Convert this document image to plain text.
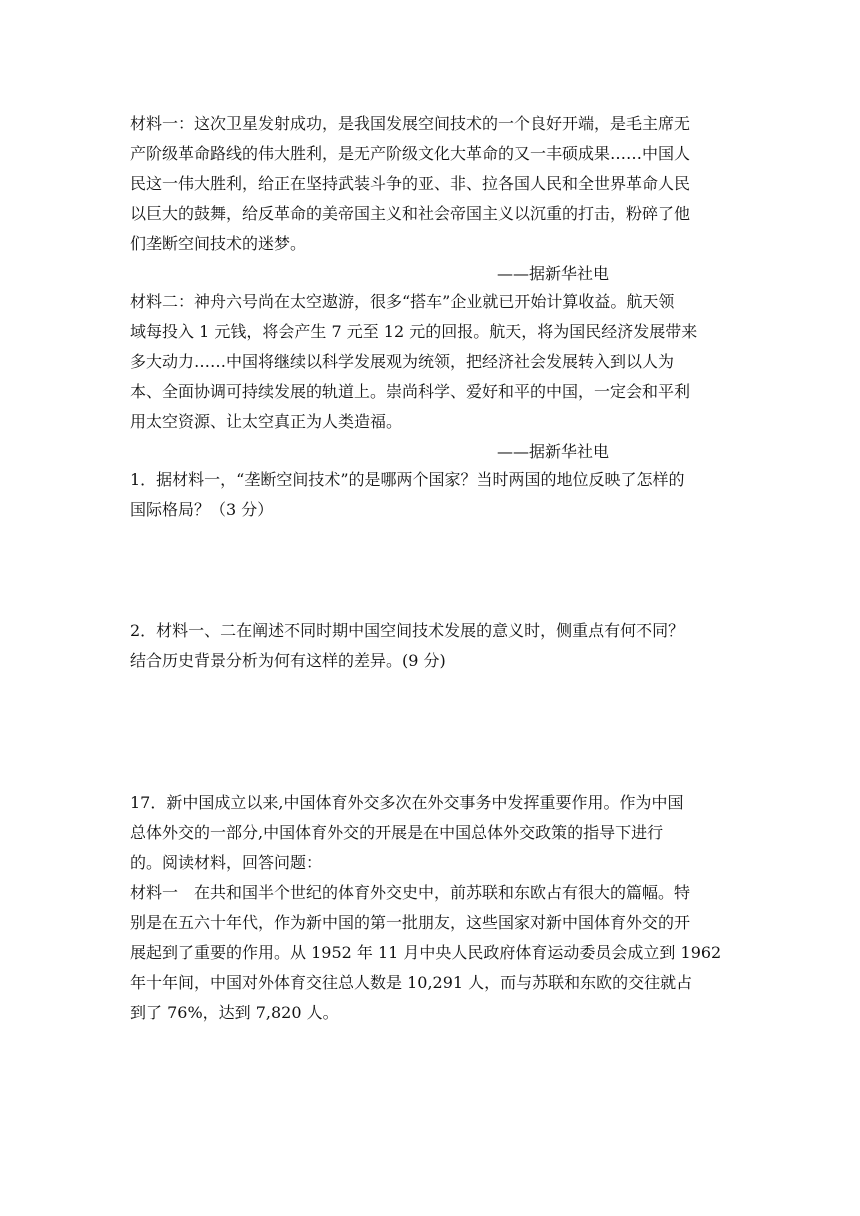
材料一：这次卫星发射成功，是我国发展空间技术的一个良好开端，是毛主席无
产阶级革命路线的伟大胜利，是无产阶级文化大革命的又一丰硕成果……中国人
民这一伟大胜利，给正在坚持武装斗争的亚、非、拉各国人民和全世界革命人民
以巨大的鼓舞，给反革命的美帝国主义和社会帝国主义以沉重的打击，粉碎了他
们垄断空间技术的迷梦。
——据新华社电
材料二：神舟六号尚在太空遨游，很多“搭车”企业就已开始计算收益。航天领
域每投入 1 元钱，将会产生 7 元至 12 元的回报。航天，将为国民经济发展带来
多大动力……中国将继续以科学发展观为统领，把经济社会发展转入到以人为
本、全面协调可持续发展的轨道上。崇尚科学、爱好和平的中国，一定会和平利
用太空资源、让太空真正为人类造福。
——据新华社电
1．据材料一，“垄断空间技术”的是哪两个国家？当时两国的地位反映了怎样的
国际格局？（3 分）
2．材料一、二在阐述不同时期中国空间技术发展的意义时，侧重点有何不同？
结合历史背景分析为何有这样的差异。(9 分)
17．新中国成立以来,中国体育外交多次在外交事务中发挥重要作用。作为中国
总体外交的一部分,中国体育外交的开展是在中国总体外交政策的指导下进行
的。阅读材料，回答问题：
材料一　在共和国半个世纪的体育外交史中，前苏联和东欧占有很大的篇幅。特
别是在五六十年代，作为新中国的第一批朋友，这些国家对新中国体育外交的开
展起到了重要的作用。从 1952 年 11 月中央人民政府体育运动委员会成立到 1962
年十年间，中国对外体育交往总人数是 10,291 人，而与苏联和东欧的交往就占
到了 76%，达到 7,820 人。
